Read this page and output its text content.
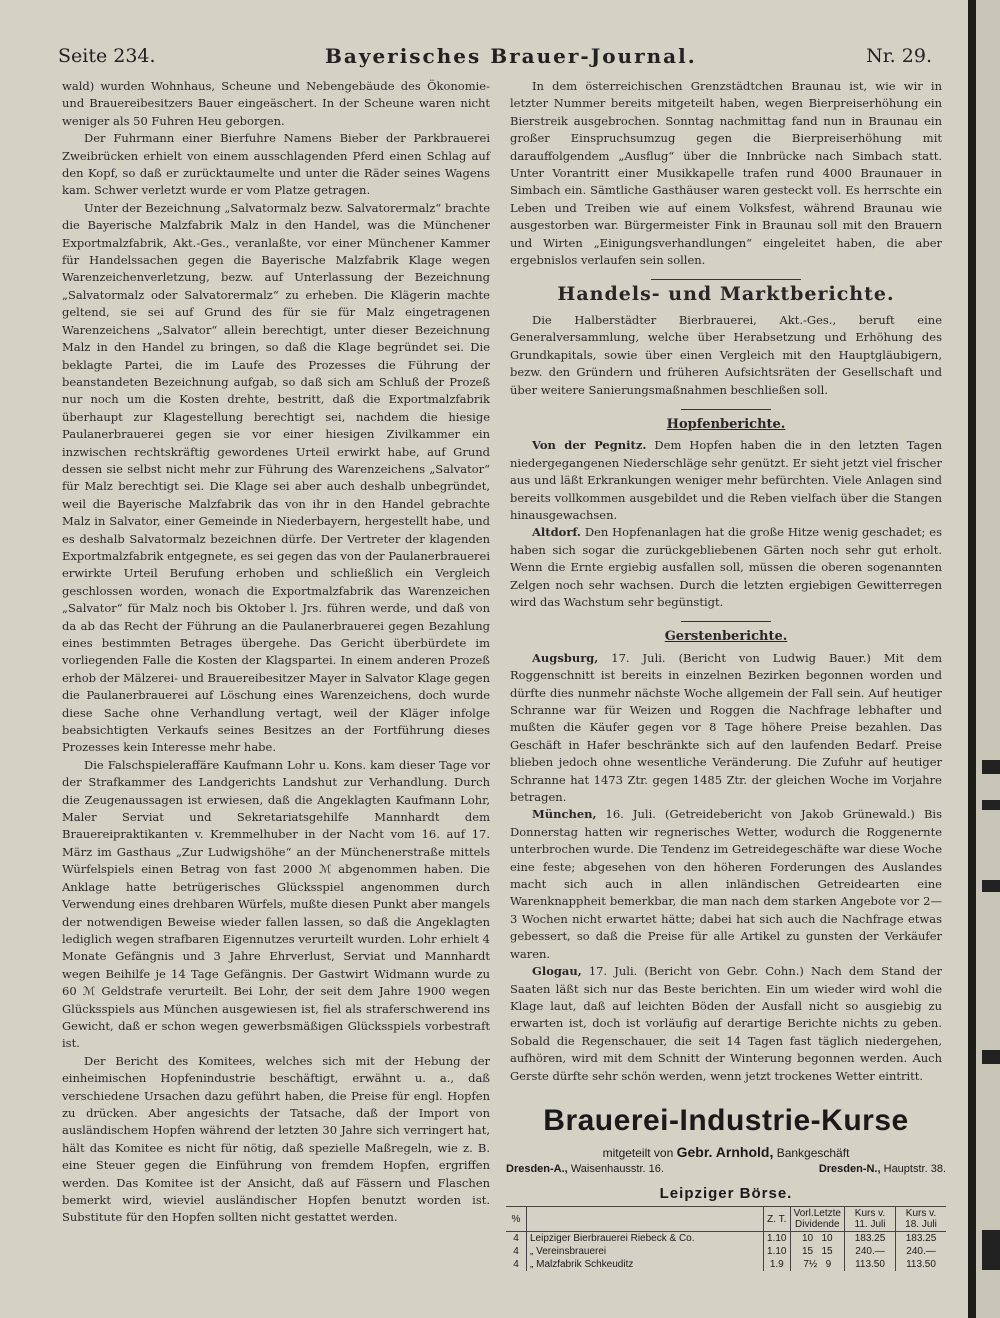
Seite 234.	Bayerisches Brauer-Journal.	Nr. 29.

wald) wurden Wohnhaus, Scheune und Nebengebäude des Ökonomie- und Brauereibesitzers Bauer eingeäschert. In der Scheune waren nicht weniger als 50 Fuhren Heu geborgen.

Der Fuhrmann einer Bierfuhre Namens Bieber der Parkbrauerei Zweibrücken erhielt von einem ausschlagenden Pferd einen Schlag auf den Kopf, so daß er zurücktaumelte und unter die Räder seines Wagens kam. Schwer verletzt wurde er vom Platze getragen.

Unter der Bezeichnung „Salvatormalz bezw. Salvatorermalz“ brachte die Bayerische Malzfabrik Malz in den Handel, was die Münchener Exportmalzfabrik, Akt.-Ges., veranlaßte, vor einer Münchener Kammer für Handelssachen gegen die Bayerische Malzfabrik Klage wegen Warenzeichenverletzung, bezw. auf Unterlassung der Bezeichnung „Salvatormalz oder Salvatorermalz“ zu erheben. Die Klägerin machte geltend, sie sei auf Grund des für sie für Malz eingetragenen Warenzeichens „Salvator“ allein berechtigt, unter dieser Bezeichnung Malz in den Handel zu bringen, so daß die Klage begründet sei. Die beklagte Partei, die im Laufe des Prozesses die Führung der beanstandeten Bezeichnung aufgab, so daß sich am Schluß der Prozeß nur noch um die Kosten drehte, bestritt, daß die Exportmalzfabrik überhaupt zur Klagestellung berechtigt sei, nachdem die hiesige Paulanerbrauerei gegen sie vor einer hiesigen Zivilkammer ein inzwischen rechtskräftig gewordenes Urteil erwirkt habe, auf Grund dessen sie selbst nicht mehr zur Führung des Warenzeichens „Salvator“ für Malz berechtigt sei. Die Klage sei aber auch deshalb unbegründet, weil die Bayerische Malzfabrik das von ihr in den Handel gebrachte Malz in Salvator, einer Gemeinde in Niederbayern, hergestellt habe, und es deshalb Salvatormalz bezeichnen dürfe. Der Vertreter der klagenden Exportmalzfabrik entgegnete, es sei gegen das von der Paulanerbrauerei erwirkte Urteil Berufung erhoben und schließlich ein Vergleich geschlossen worden, wonach die Exportmalzfabrik das Warenzeichen „Salvator“ für Malz noch bis Oktober l. Jrs. führen werde, und daß von da ab das Recht der Führung an die Paulanerbrauerei gegen Bezahlung eines bestimmten Betrages übergehe. Das Gericht überbürdete im vorliegenden Falle die Kosten der Klagspartei. In einem anderen Prozeß erhob der Mälzerei- und Brauereibesitzer Mayer in Salvator Klage gegen die Paulanerbrauerei auf Löschung eines Warenzeichens, doch wurde diese Sache ohne Verhandlung vertagt, weil der Kläger infolge beabsichtigten Verkaufs seines Besitzes an der Fortführung dieses Prozesses kein Interesse mehr habe.

Die Falschspieleraffäre Kaufmann Lohr u. Kons. kam dieser Tage vor der Strafkammer des Landgerichts Landshut zur Verhandlung. Durch die Zeugenaussagen ist erwiesen, daß die Angeklagten Kaufmann Lohr, Maler Serviat und Sekretariatsgehilfe Mannhardt dem Brauereipraktikanten v. Kremmelhuber in der Nacht vom 16. auf 17. März im Gasthaus „Zur Ludwigshöhe“ an der Münchenerstraße mittels Würfelspiels einen Betrag von fast 2000 ℳ abgenommen haben. Die Anklage hatte betrügerisches Glücksspiel angenommen durch Verwendung eines drehbaren Würfels, mußte diesen Punkt aber mangels der notwendigen Beweise wieder fallen lassen, so daß die Angeklagten lediglich wegen strafbaren Eigennutzes verurteilt wurden. Lohr erhielt 4 Monate Gefängnis und 3 Jahre Ehrverlust, Serviat und Mannhardt wegen Beihilfe je 14 Tage Gefängnis. Der Gastwirt Widmann wurde zu 60 ℳ Geldstrafe verurteilt. Bei Lohr, der seit dem Jahre 1900 wegen Glücksspiels aus München ausgewiesen ist, fiel als straferschwerend ins Gewicht, daß er schon wegen gewerbsmäßigen Glücksspiels vorbestraft ist.

Der Bericht des Komitees, welches sich mit der Hebung der einheimischen Hopfenindustrie beschäftigt, erwähnt u. a., daß verschiedene Ursachen dazu geführt haben, die Preise für engl. Hopfen zu drücken. Aber angesichts der Tatsache, daß der Import von ausländischem Hopfen während der letzten 30 Jahre sich verringert hat, hält das Komitee es nicht für nötig, daß spezielle Maßregeln, wie z. B. eine Steuer gegen die Einführung von fremdem Hopfen, ergriffen werden. Das Komitee ist der Ansicht, daß auf Fässern und Flaschen bemerkt wird, wieviel ausländischer Hopfen benutzt worden ist. Substitute für den Hopfen sollten nicht gestattet werden.

In dem österreichischen Grenzstädtchen Braunau ist, wie wir in letzter Nummer bereits mitgeteilt haben, wegen Bierpreiserhöhung ein Bierstreik ausgebrochen. Sonntag nachmittag fand nun in Braunau ein großer Einspruchsumzug gegen die Bierpreiserhöhung mit darauffolgendem „Ausflug“ über die Innbrücke nach Simbach statt. Unter Vorantritt einer Musikkapelle trafen rund 4000 Braunauer in Simbach ein. Sämtliche Gasthäuser waren gesteckt voll. Es herrschte ein Leben und Treiben wie auf einem Volksfest, während Braunau wie ausgestorben war. Bürgermeister Fink in Braunau soll mit den Brauern und Wirten „Einigungsverhandlungen“ eingeleitet haben, die aber ergebnislos verlaufen sein sollen.

Handels- und Marktberichte.

Die Halberstädter Bierbrauerei, Akt.-Ges., beruft eine Generalversammlung, welche über Herabsetzung und Erhöhung des Grundkapitals, sowie über einen Vergleich mit den Hauptgläubigern, bezw. den Gründern und früheren Aufsichtsräten der Gesellschaft und über weitere Sanierungsmaßnahmen beschließen soll.

Hopfenberichte.

Von der Pegnitz. Dem Hopfen haben die in den letzten Tagen niedergegangenen Niederschläge sehr genützt. Er sieht jetzt viel frischer aus und läßt Erkrankungen weniger mehr befürchten. Viele Anlagen sind bereits vollkommen ausgebildet und die Reben vielfach über die Stangen hinausgewachsen.

Altdorf. Den Hopfenanlagen hat die große Hitze wenig geschadet; es haben sich sogar die zurückgebliebenen Gärten noch sehr gut erholt. Wenn die Ernte ergiebig ausfallen soll, müssen die oberen sogenannten Zelgen noch sehr wachsen. Durch die letzten ergiebigen Gewitterregen wird das Wachstum sehr begünstigt.

Gerstenberichte.

Augsburg, 17. Juli. (Bericht von Ludwig Bauer.) Mit dem Roggenschnitt ist bereits in einzelnen Bezirken begonnen worden und dürfte dies nunmehr nächste Woche allgemein der Fall sein. Auf heutiger Schranne war für Weizen und Roggen die Nachfrage lebhafter und mußten die Käufer gegen vor 8 Tage höhere Preise bezahlen. Das Geschäft in Hafer beschränkte sich auf den laufenden Bedarf. Preise blieben jedoch ohne wesentliche Veränderung. Die Zufuhr auf heutiger Schranne hat 1473 Ztr. gegen 1485 Ztr. der gleichen Woche im Vorjahre betragen.

München, 16. Juli. (Getreidebericht von Jakob Grünewald.) Bis Donnerstag hatten wir regnerisches Wetter, wodurch die Roggenernte unterbrochen wurde. Die Tendenz im Getreidegeschäfte war diese Woche eine feste; abgesehen von den höheren Forderungen des Auslandes macht sich auch in allen inländischen Getreidearten eine Warenknappheit bemerkbar, die man nach dem starken Angebote vor 2—3 Wochen nicht erwartet hätte; dabei hat sich auch die Nachfrage etwas gebessert, so daß die Preise für alle Artikel zu gunsten der Verkäufer waren.

Glogau, 17. Juli. (Bericht von Gebr. Cohn.) Nach dem Stand der Saaten läßt sich nur das Beste berichten. Ein um wieder wird wohl die Klage laut, daß auf leichten Böden der Ausfall nicht so ausgiebig zu erwarten ist, doch ist vorläufig auf derartige Berichte nichts zu geben. Sobald die Regenschauer, die seit 14 Tagen fast täglich niedergehen, aufhören, wird mit dem Schnitt der Winterung begonnen werden. Auch Gerste dürfte sehr schön werden, wenn jetzt trockenes Wetter eintritt.

Brauerei-Industrie-Kurse
mitgeteilt von Gebr. Arnhold, Bankgeschäft
Dresden-A., Waisenhausstr. 16.	Dresden-N., Hauptstr. 38.
Leipziger Börse.
%		Z. T.	Vorl. Letzte
Dividende	Kurs v. 11. Juli	Kurs v. 18. Juli
4	Leipziger Bierbrauerei Riebeck & Co.	1.10	10 10	183.25	183.25
4	„ Vereinsbrauerei	1.10	15 15	240.—	240.—
4	„ Malzfabrik Schkeuditz	1.9	7½ 9	113.50	113.50
